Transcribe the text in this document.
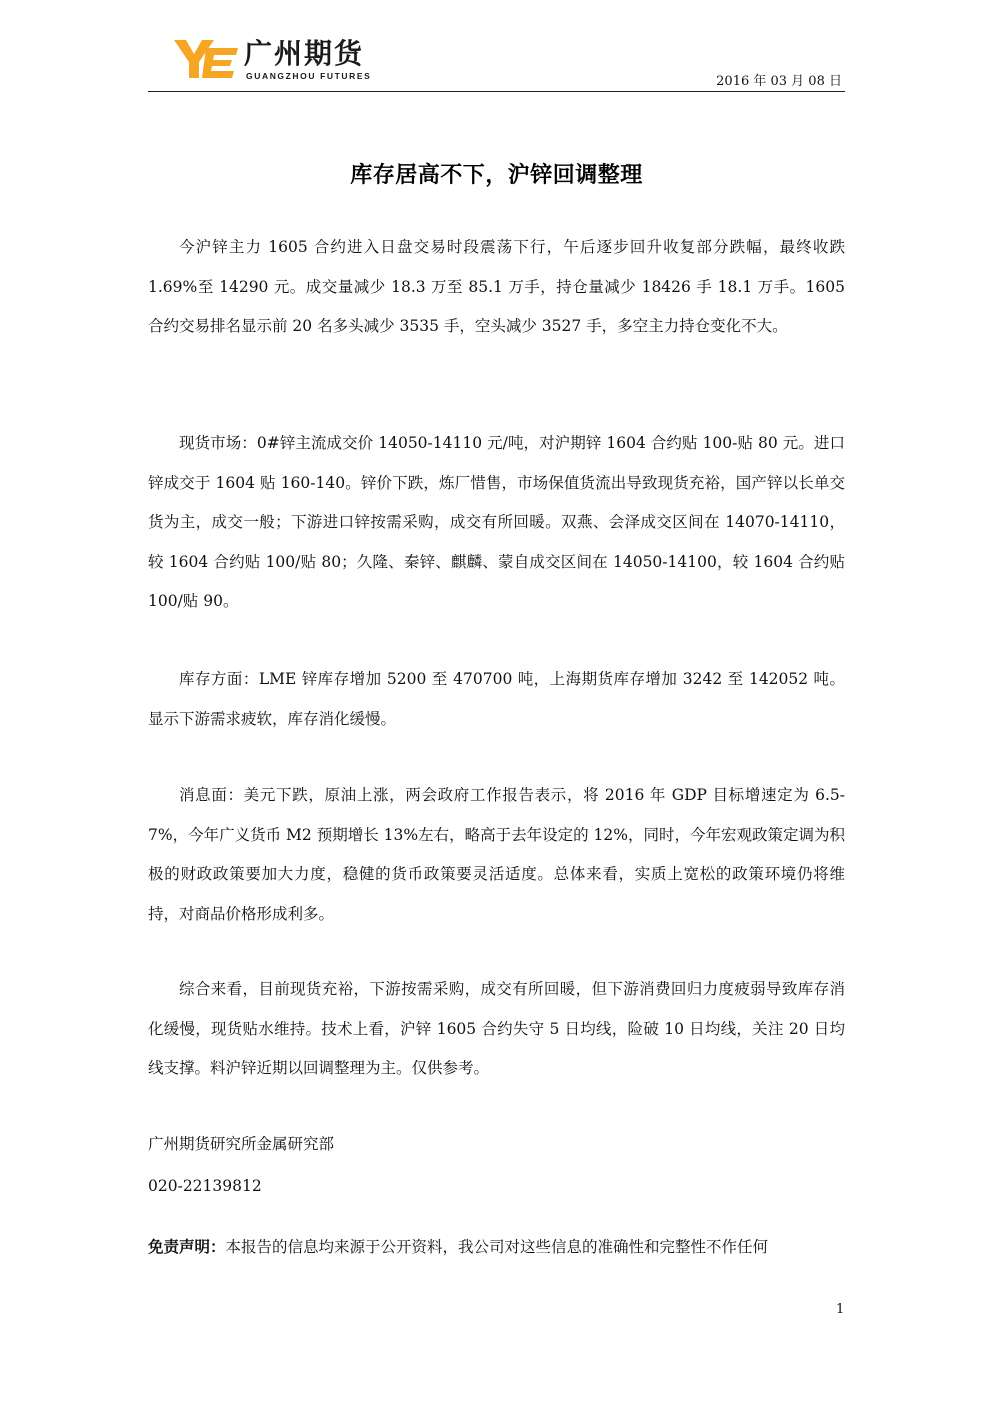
广州期货
GUANGZHOU FUTURES	2016 年 03 月 08 日
库存居高不下，沪锌回调整理

今沪锌主力 1605 合约进入日盘交易时段震荡下行，午后逐步回升收复部分跌幅，最终收跌 1.69%至 14290 元。成交量减少 18.3 万至 85.1 万手，持仓量减少 18426 手 18.1 万手。1605 合约交易排名显示前 20 名多头减少 3535 手，空头减少 3527 手，多空主力持仓变化不大。

现货市场：0#锌主流成交价 14050-14110 元/吨，对沪期锌 1604 合约贴 100-贴 80 元。进口锌成交于 1604 贴 160-140。锌价下跌，炼厂惜售，市场保值货流出导致现货充裕，国产锌以长单交货为主，成交一般；下游进口锌按需采购，成交有所回暖。双燕、会泽成交区间在 14070-14110，较 1604 合约贴 100/贴 80；久隆、秦锌、麒麟、蒙自成交区间在 14050-14100，较 1604 合约贴 100/贴 90。

库存方面：LME 锌库存增加 5200 至 470700 吨，上海期货库存增加 3242 至 142052 吨。显示下游需求疲软，库存消化缓慢。

消息面：美元下跌，原油上涨，两会政府工作报告表示，将 2016 年 GDP 目标增速定为 6.5-7%，今年广义货币 M2 预期增长 13%左右，略高于去年设定的 12%，同时，今年宏观政策定调为积极的财政政策要加大力度，稳健的货币政策要灵活适度。总体来看，实质上宽松的政策环境仍将维持，对商品价格形成利多。

综合来看，目前现货充裕，下游按需采购，成交有所回暖，但下游消费回归力度疲弱导致库存消化缓慢，现货贴水维持。技术上看，沪锌 1605 合约失守 5 日均线，险破 10 日均线，关注 20 日均线支撑。料沪锌近期以回调整理为主。仅供参考。

广州期货研究所金属研究部
020-22139812
免责声明：本报告的信息均来源于公开资料，我公司对这些信息的准确性和完整性不作任何
1
